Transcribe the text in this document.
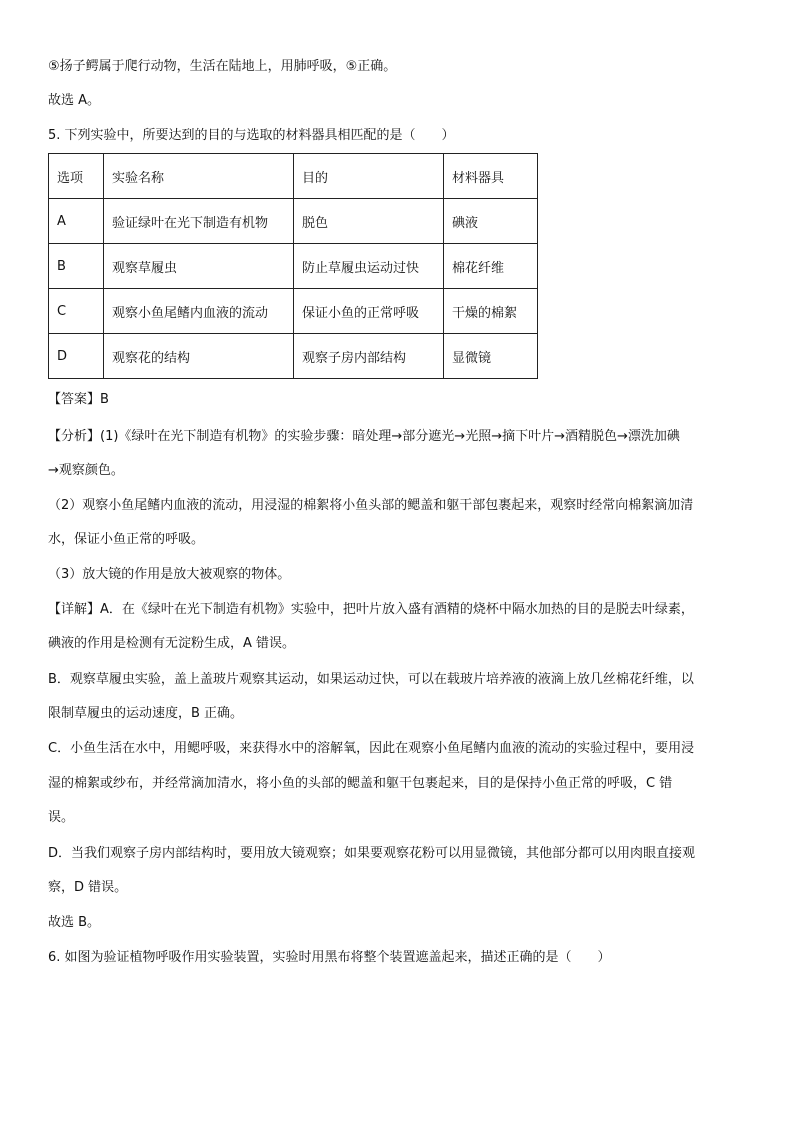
⑤扬子鳄属于爬行动物，生活在陆地上，用肺呼吸，⑤正确。
故选 A。
5. 下列实验中，所要达到的目的与选取的材料器具相匹配的是（　　）
选项	实验名称	目的	材料器具
A	验证绿叶在光下制造有机物	脱色	碘液
B	观察草履虫	防止草履虫运动过快	棉花纤维
C	观察小鱼尾鳍内血液的流动	保证小鱼的正常呼吸	干燥的棉絮
D	观察花的结构	观察子房内部结构	显微镜
【答案】B
【分析】(1)《绿叶在光下制造有机物》的实验步骤：暗处理→部分遮光→光照→摘下叶片→酒精脱色→漂洗加碘
→观察颜色。
（2）观察小鱼尾鳍内血液的流动，用浸湿的棉絮将小鱼头部的鳃盖和躯干部包裹起来，观察时经常向棉絮滴加清
水，保证小鱼正常的呼吸。
（3）放大镜的作用是放大被观察的物体。
【详解】A．在《绿叶在光下制造有机物》实验中，把叶片放入盛有酒精的烧杯中隔水加热的目的是脱去叶绿素，
碘液的作用是检测有无淀粉生成，A 错误。
B．观察草履虫实验，盖上盖玻片观察其运动，如果运动过快，可以在载玻片培养液的液滴上放几丝棉花纤维，以
限制草履虫的运动速度，B 正确。
C．小鱼生活在水中，用鳃呼吸，来获得水中的溶解氧，因此在观察小鱼尾鳍内血液的流动的实验过程中，要用浸
湿的棉絮或纱布，并经常滴加清水，将小鱼的头部的鳃盖和躯干包裹起来，目的是保持小鱼正常的呼吸，C 错
误。
D．当我们观察子房内部结构时，要用放大镜观察；如果要观察花粉可以用显微镜，其他部分都可以用肉眼直接观
察，D 错误。
故选 B。
6. 如图为验证植物呼吸作用实验装置，实验时用黑布将整个装置遮盖起来，描述正确的是（　　）
